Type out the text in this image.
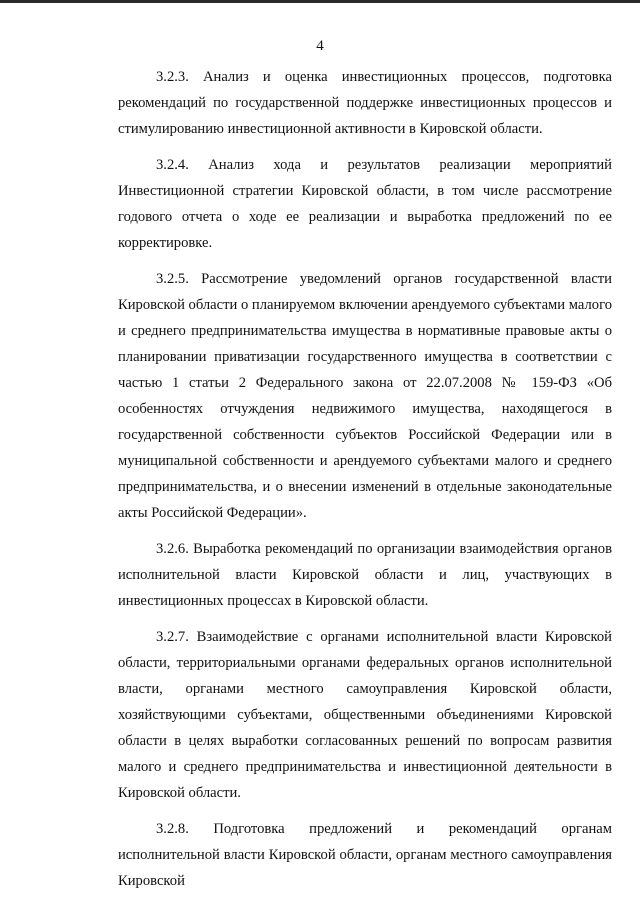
4

3.2.3. Анализ и оценка инвестиционных процессов, подготовка рекомендаций по государственной поддержке инвестиционных процессов и стимулированию инвестиционной активности в Кировской области.

3.2.4. Анализ хода и результатов реализации мероприятий Инвестиционной стратегии Кировской области, в том числе рассмотрение годового отчета о ходе ее реализации и выработка предложений по ее корректировке.

3.2.5. Рассмотрение уведомлений органов государственной власти Кировской области о планируемом включении арендуемого субъектами малого и среднего предпринимательства имущества в нормативные правовые акты о планировании приватизации государственного имущества в соответствии с частью 1 статьи 2 Федерального закона от 22.07.2008 № 159-ФЗ «Об особенностях отчуждения недвижимого имущества, находящегося в государственной собственности субъектов Российской Федерации или в муниципальной собственности и арендуемого субъектами малого и среднего предпринимательства, и о внесении изменений в отдельные законодательные акты Российской Федерации».

3.2.6. Выработка рекомендаций по организации взаимодействия органов исполнительной власти Кировской области и лиц, участвующих в инвестиционных процессах в Кировской области.

3.2.7. Взаимодействие с органами исполнительной власти Кировской области, территориальными органами федеральных органов исполнительной власти, органами местного самоуправления Кировской области, хозяйствующими субъектами, общественными объединениями Кировской области в целях выработки согласованных решений по вопросам развития малого и среднего предпринимательства и инвестиционной деятельности в Кировской области.

3.2.8. Подготовка предложений и рекомендаций органам исполнительной власти Кировской области, органам местного самоуправления Кировской
